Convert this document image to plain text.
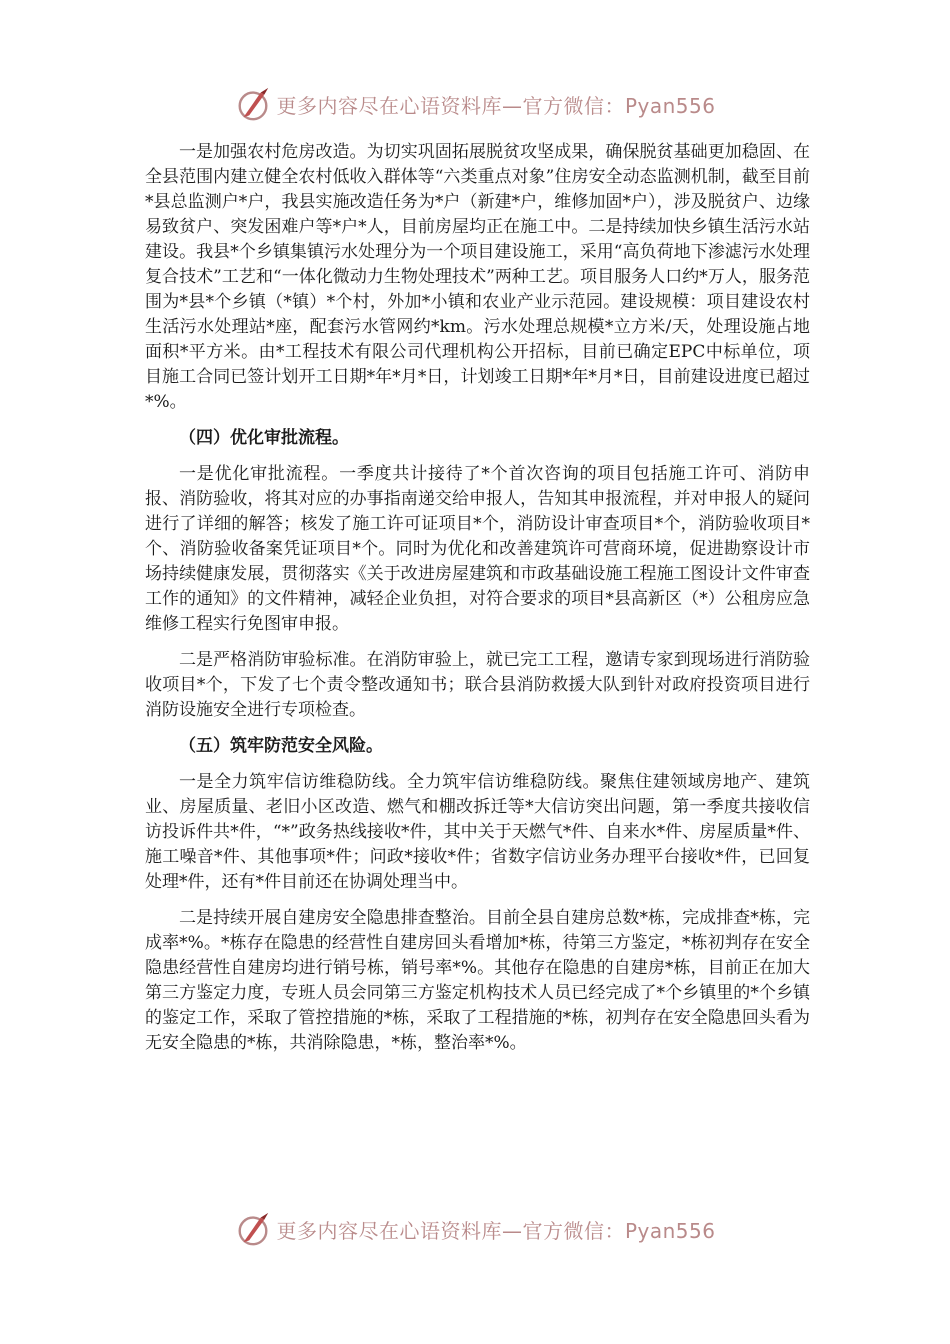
更多内容尽在心语资料库—官方微信：Pyan556

一是加强农村危房改造。为切实巩固拓展脱贫攻坚成果，确保脱贫基础更加稳固、在全县范围内建立健全农村低收入群体等“六类重点对象”住房安全动态监测机制，截至目前*县总监测户*户，我县实施改造任务为*户（新建*户，维修加固*户），涉及脱贫户、边缘易致贫户、突发困难户等*户*人，目前房屋均正在施工中。二是持续加快乡镇生活污水站建设。我县*个乡镇集镇污水处理分为一个项目建设施工，采用“高负荷地下渗滤污水处理复合技术”工艺和“一体化微动力生物处理技术”两种工艺。项目服务人口约*万人，服务范围为*县*个乡镇（*镇）*个村，外加*小镇和农业产业示范园。建设规模：项目建设农村生活污水处理站*座，配套污水管网约*km。污水处理总规模*立方米/天，处理设施占地面积*平方米。由*工程技术有限公司代理机构公开招标，目前已确定EPC中标单位，项目施工合同已签计划开工日期*年*月*日，计划竣工日期*年*月*日，目前建设进度已超过*%。

（四）优化审批流程。

一是优化审批流程。一季度共计接待了*个首次咨询的项目包括施工许可、消防申报、消防验收，将其对应的办事指南递交给申报人，告知其申报流程，并对申报人的疑问进行了详细的解答；核发了施工许可证项目*个，消防设计审查项目*个，消防验收项目*个、消防验收备案凭证项目*个。同时为优化和改善建筑许可营商环境，促进勘察设计市场持续健康发展，贯彻落实《关于改进房屋建筑和市政基础设施工程施工图设计文件审查工作的通知》的文件精神，减轻企业负担，对符合要求的项目*县高新区（*）公租房应急维修工程实行免图审申报。

二是严格消防审验标准。在消防审验上，就已完工工程，邀请专家到现场进行消防验收项目*个，下发了七个责令整改通知书；联合县消防救援大队到针对政府投资项目进行消防设施安全进行专项检查。

（五）筑牢防范安全风险。

一是全力筑牢信访维稳防线。全力筑牢信访维稳防线。聚焦住建领域房地产、建筑业、房屋质量、老旧小区改造、燃气和棚改拆迁等*大信访突出问题，第一季度共接收信访投诉件共*件，“*”政务热线接收*件，其中关于天燃气*件、自来水*件、房屋质量*件、施工噪音*件、其他事项*件；问政*接收*件；省数字信访业务办理平台接收*件，已回复处理*件，还有*件目前还在协调处理当中。

二是持续开展自建房安全隐患排查整治。目前全县自建房总数*栋，完成排查*栋，完成率*%。*栋存在隐患的经营性自建房回头看增加*栋，待第三方鉴定，*栋初判存在安全隐患经营性自建房均进行销号栋，销号率*%。其他存在隐患的自建房*栋，目前正在加大第三方鉴定力度，专班人员会同第三方鉴定机构技术人员已经完成了*个乡镇里的*个乡镇的鉴定工作，采取了管控措施的*栋，采取了工程措施的*栋，初判存在安全隐患回头看为无安全隐患的*栋，共消除隐患，*栋，整治率*%。

更多内容尽在心语资料库—官方微信：Pyan556
